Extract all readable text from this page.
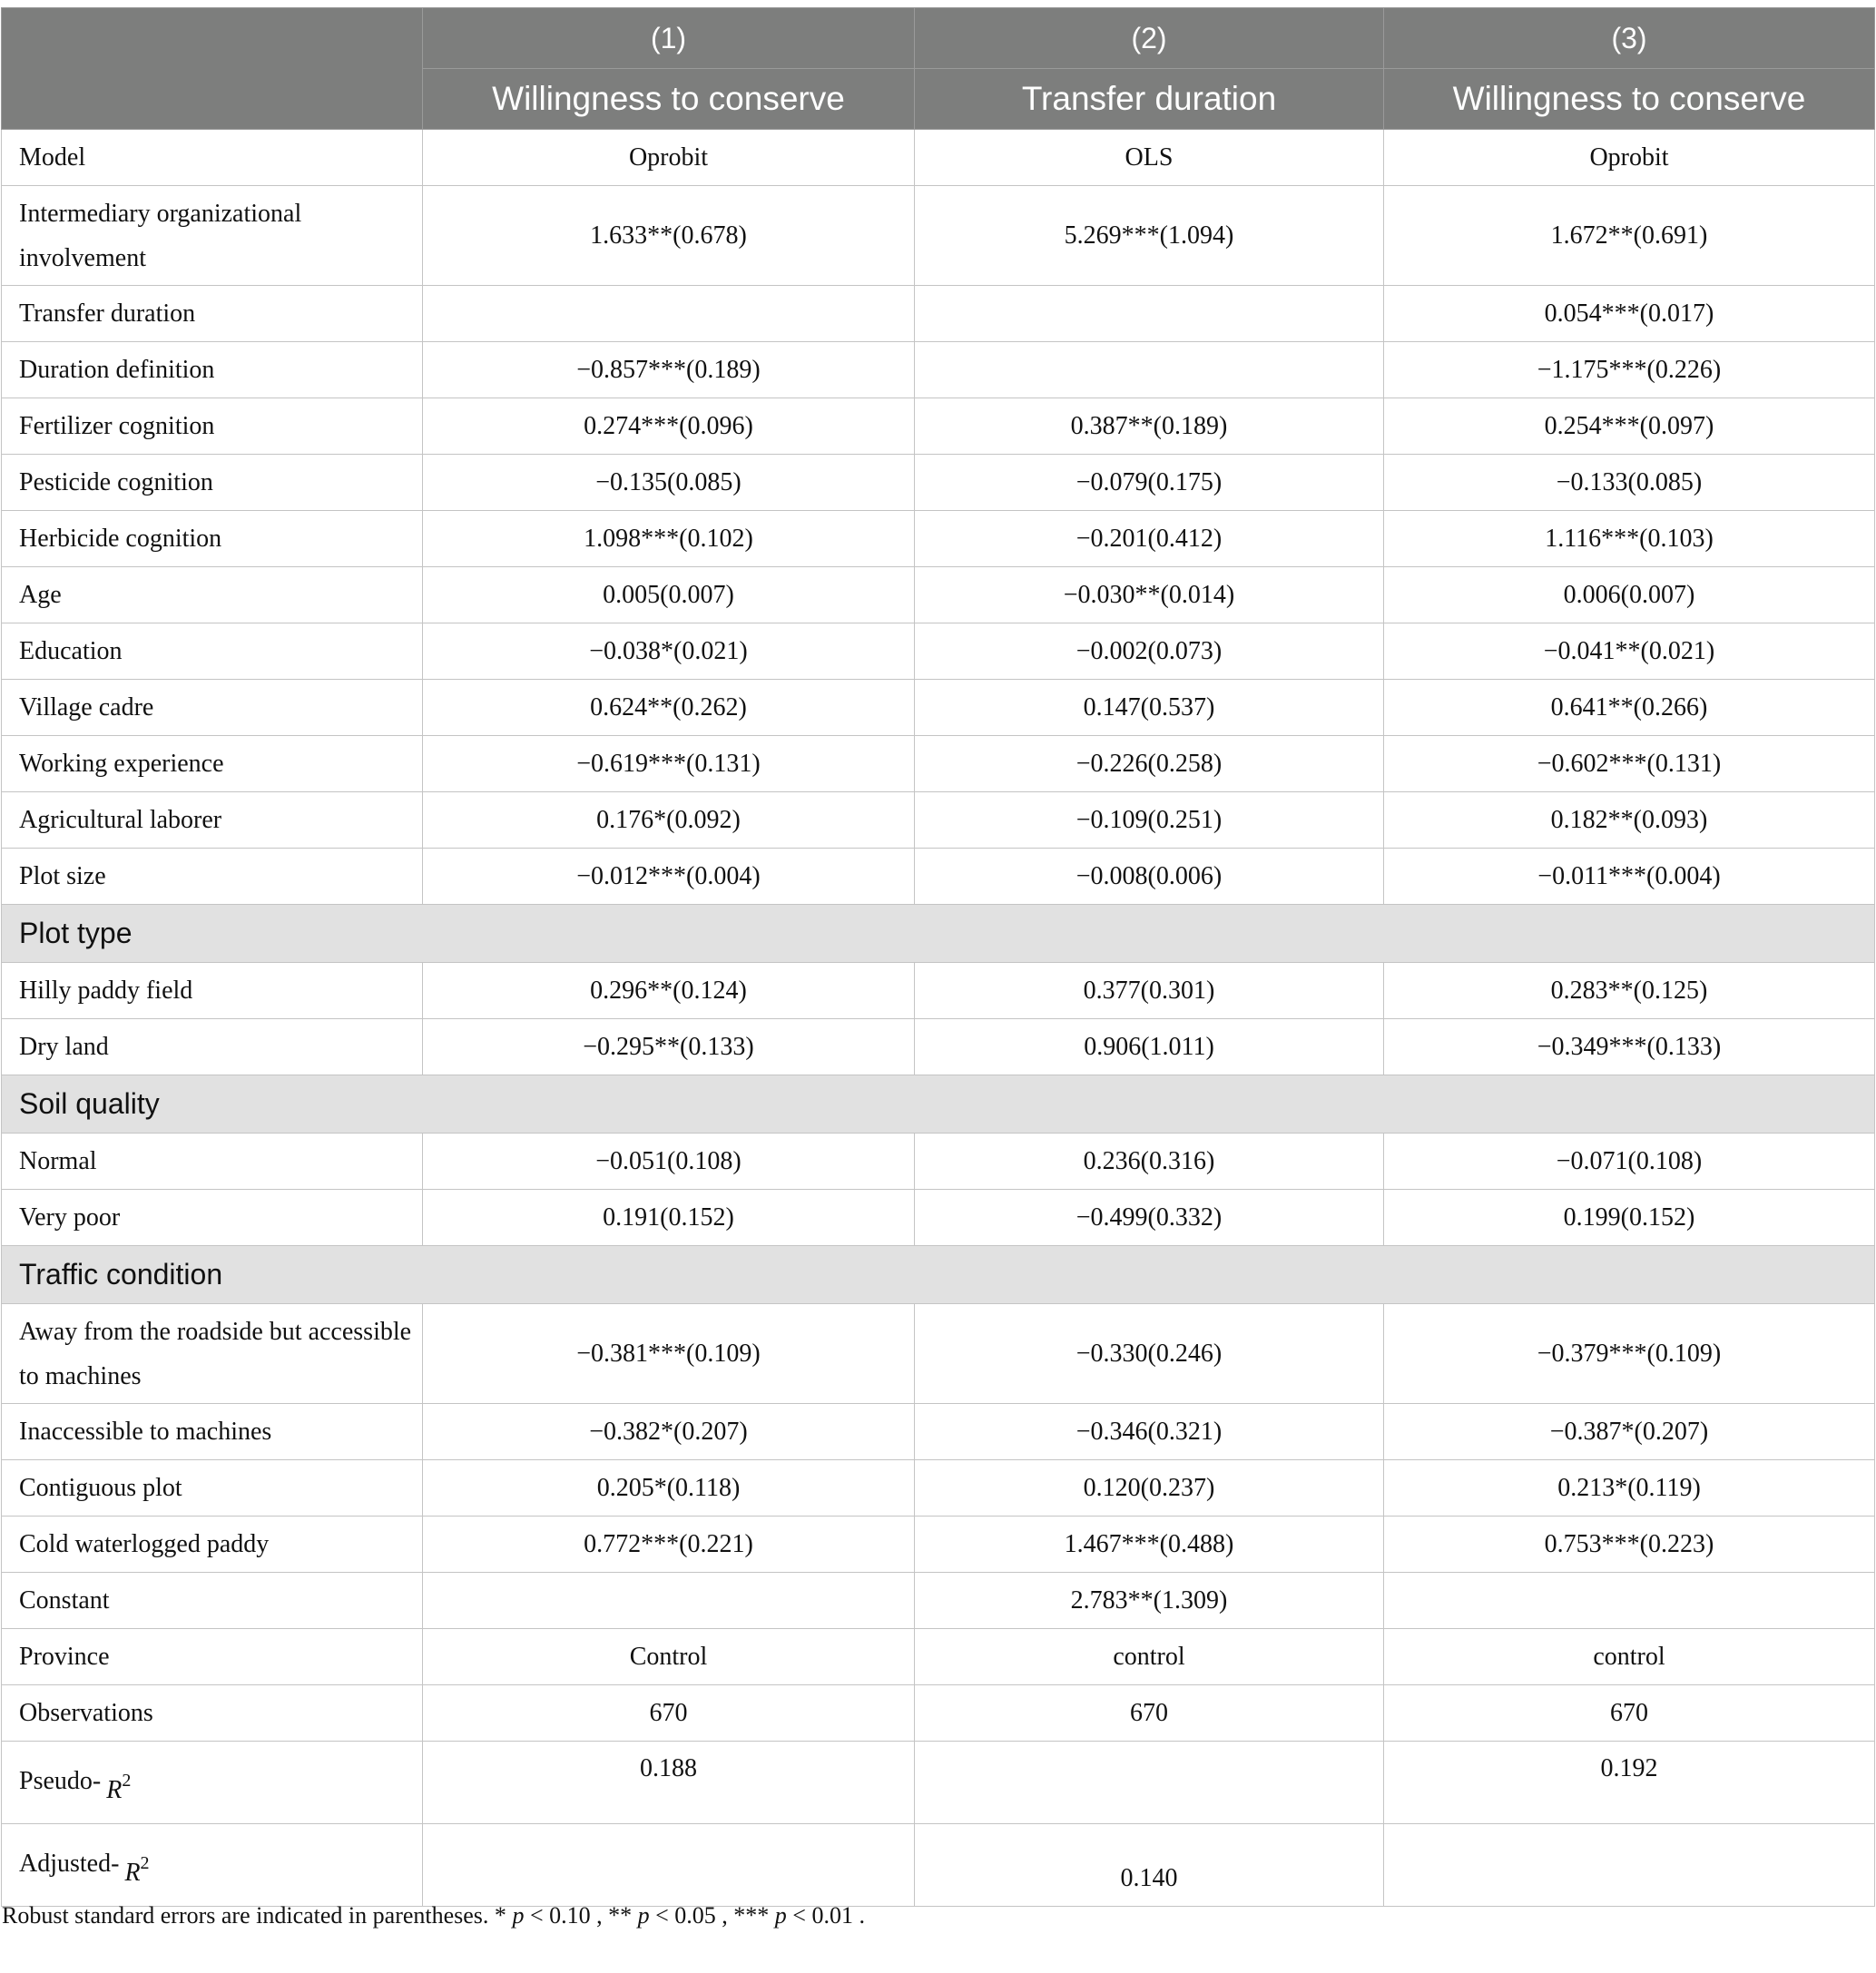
	(1)	(2)	(3)
	Willingness to conserve	Transfer duration	Willingness to conserve
Model	Oprobit	OLS	Oprobit
Intermediary organizational involvement	1.633**(0.678)	5.269***(1.094)	1.672**(0.691)
Transfer duration			0.054***(0.017)
Duration definition	−0.857***(0.189)		−1.175***(0.226)
Fertilizer cognition	0.274***(0.096)	0.387**(0.189)	0.254***(0.097)
Pesticide cognition	−0.135(0.085)	−0.079(0.175)	−0.133(0.085)
Herbicide cognition	1.098***(0.102)	−0.201(0.412)	1.116***(0.103)
Age	0.005(0.007)	−0.030**(0.014)	0.006(0.007)
Education	−0.038*(0.021)	−0.002(0.073)	−0.041**(0.021)
Village cadre	0.624**(0.262)	0.147(0.537)	0.641**(0.266)
Working experience	−0.619***(0.131)	−0.226(0.258)	−0.602***(0.131)
Agricultural laborer	0.176*(0.092)	−0.109(0.251)	0.182**(0.093)
Plot size	−0.012***(0.004)	−0.008(0.006)	−0.011***(0.004)
Plot type			
Hilly paddy field	0.296**(0.124)	0.377(0.301)	0.283**(0.125)
Dry land	−0.295**(0.133)	0.906(1.011)	−0.349***(0.133)
Soil quality			
Normal	−0.051(0.108)	0.236(0.316)	−0.071(0.108)
Very poor	0.191(0.152)	−0.499(0.332)	0.199(0.152)
Traffic condition			
Away from the roadside but accessible to machines	−0.381***(0.109)	−0.330(0.246)	−0.379***(0.109)
Inaccessible to machines	−0.382*(0.207)	−0.346(0.321)	−0.387*(0.207)
Contiguous plot	0.205*(0.118)	0.120(0.237)	0.213*(0.119)
Cold waterlogged paddy	0.772***(0.221)	1.467***(0.488)	0.753***(0.223)
Constant		2.783**(1.309)	
Province	Control	control	control
Observations	670	670	670
Pseudo- R2	0.188		0.192
Adjusted- R2		0.140	
Robust standard errors are indicated in parentheses. * p < 0.10 , ** p < 0.05 , *** p < 0.01 .
